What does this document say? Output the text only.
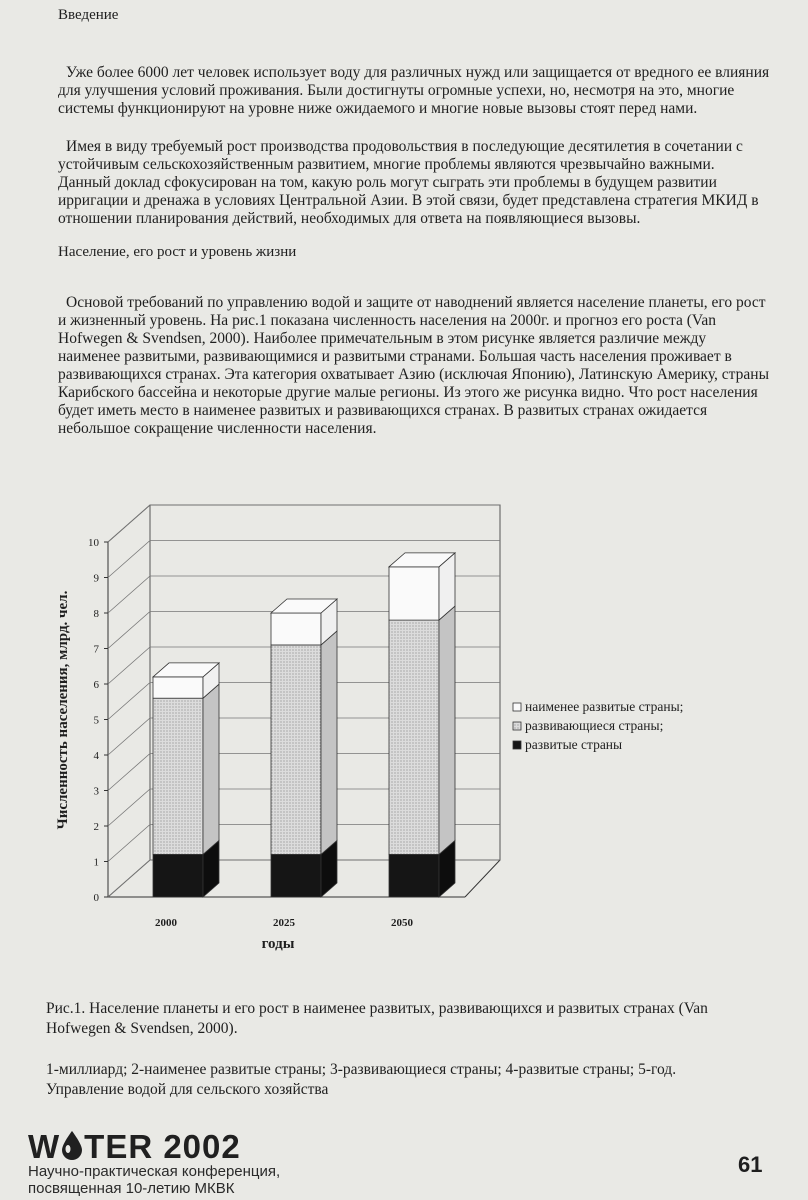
Введение
Уже более 6000 лет человек использует воду для различных нужд или защищается от вредного ее влияния для улучшения условий проживания. Были достигнуты огромные успехи, но, несмотря на это, многие системы функционируют на уровне ниже ожидаемого и многие новые вызовы стоят перед нами.
Имея в виду требуемый рост производства продовольствия в последующие десятилетия в сочетании с устойчивым сельскохозяйственным развитием, многие проблемы являются чрезвычайно важными. Данный доклад сфокусирован на том, какую роль могут сыграть эти проблемы в будущем развитии ирригации и дренажа в условиях Центральной Азии. В этой связи, будет представлена стратегия МКИД в отношении планирования действий, необходимых для ответа на появляющиеся вызовы.
Население, его рост и уровень жизни
Основой требований по управлению водой и защите от наводнений является население планеты, его рост и жизненный уровень. На рис.1 показана численность населения на 2000г. и прогноз его роста (Van Hofwegen & Svendsen, 2000). Наиболее примечательным в этом рисунке является различие между наименее развитыми, развивающимися и развитыми странами. Большая часть населения проживает в развивающихся странах. Эта категория охватывает Азию (исключая Японию), Латинскую Америку, страны Карибского бассейна и некоторые другие малые регионы. Из этого же рисунка видно. Что рост населения будет иметь место в наименее развитых и развивающихся странах. В развитых странах ожидается небольшое сокращение численности населения.
0
1
2
3
4
5
6
7
8
9
10
2000	2025	2050
годы
Численность населения, млрд. чел.	наименее развитые страны;
развивающиеся страны;
развитые страны
Рис.1. Население планеты и его рост в наименее развитых, развивающихся и развитых странах (Van Hofwegen & Svendsen, 2000).
1-миллиард; 2-наименее развитые страны; 3-развивающиеся страны; 4-развитые страны; 5-год.
Управление водой для сельского хозяйства
W TER 2002
Научно-практическая конференция,
посвященная 10-летию МКВК
61
